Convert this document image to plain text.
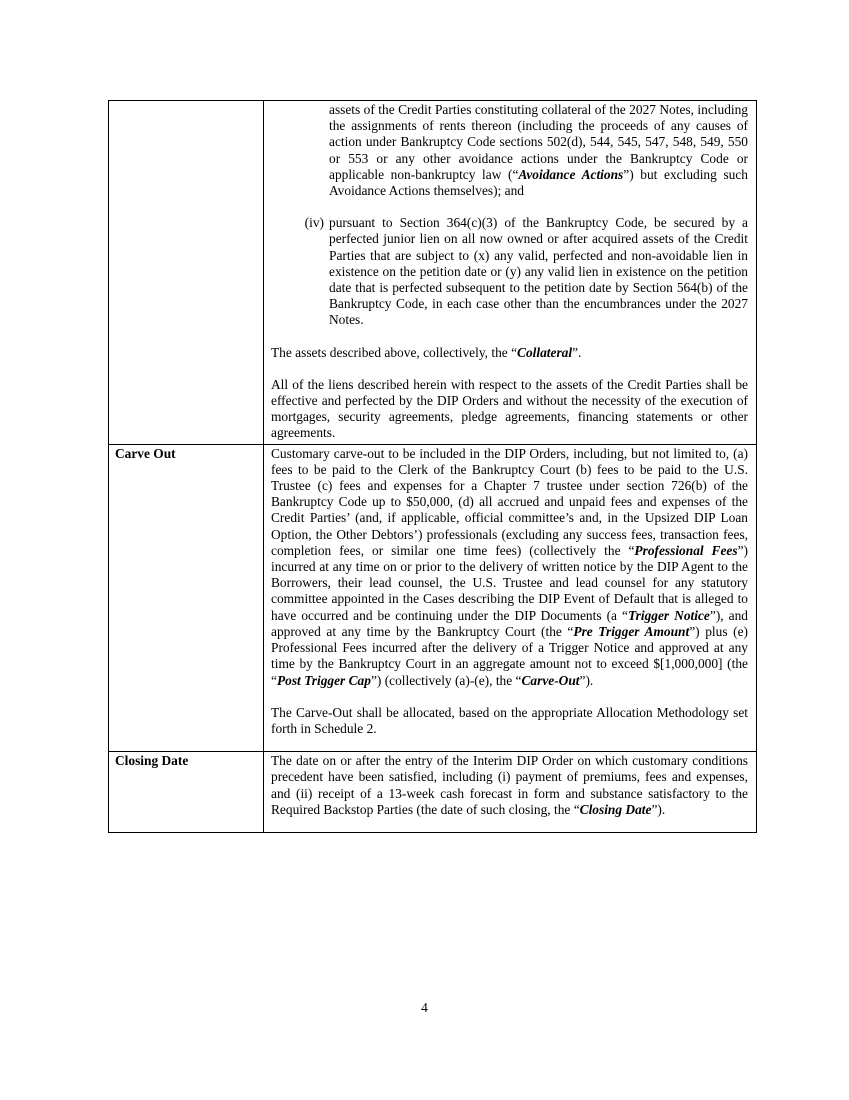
	assets of the Credit Parties constituting collateral of the 2027 Notes, including the assignments of rents thereon (including the proceeds of any causes of action under Bankruptcy Code sections 502(d), 544, 545, 547, 548, 549, 550 or 553 or any other avoidance actions under the Bankruptcy Code or applicable non-bankruptcy law (“Avoidance Actions”) but excluding such Avoidance Actions themselves); and

(iv) pursuant to Section 364(c)(3) of the Bankruptcy Code, be secured by a perfected junior lien on all now owned or after acquired assets of the Credit Parties that are subject to (x) any valid, perfected and non-avoidable lien in existence on the petition date or (y) any valid lien in existence on the petition date that is perfected subsequent to the petition date by Section 564(b) of the Bankruptcy Code, in each case other than the encumbrances under the 2027 Notes.

The assets described above, collectively, the “Collateral”.

All of the liens described herein with respect to the assets of the Credit Parties shall be effective and perfected by the DIP Orders and without the necessity of the execution of mortgages, security agreements, pledge agreements, financing statements or other agreements.

Carve Out	Customary carve-out to be included in the DIP Orders, including, but not limited to, (a) fees to be paid to the Clerk of the Bankruptcy Court (b) fees to be paid to the U.S. Trustee (c) fees and expenses for a Chapter 7 trustee under section 726(b) of the Bankruptcy Code up to $50,000, (d) all accrued and unpaid fees and expenses of the Credit Parties’ (and, if applicable, official committee’s and, in the Upsized DIP Loan Option, the Other Debtors’) professionals (excluding any success fees, transaction fees, completion fees, or similar one time fees) (collectively the “Professional Fees”) incurred at any time on or prior to the delivery of written notice by the DIP Agent to the Borrowers, their lead counsel, the U.S. Trustee and lead counsel for any statutory committee appointed in the Cases describing the DIP Event of Default that is alleged to have occurred and be continuing under the DIP Documents (a “Trigger Notice”), and approved at any time by the Bankruptcy Court (the “Pre Trigger Amount”) plus (e) Professional Fees incurred after the delivery of a Trigger Notice and approved at any time by the Bankruptcy Court in an aggregate amount not to exceed $[1,000,000] (the “Post Trigger Cap”) (collectively (a)-(e), the “Carve-Out”).

The Carve-Out shall be allocated, based on the appropriate Allocation Methodology set forth in Schedule 2.

Closing Date	The date on or after the entry of the Interim DIP Order on which customary conditions precedent have been satisfied, including (i) payment of premiums, fees and expenses, and (ii) receipt of a 13-week cash forecast in form and substance satisfactory to the Required Backstop Parties (the date of such closing, the “Closing Date”).

4
